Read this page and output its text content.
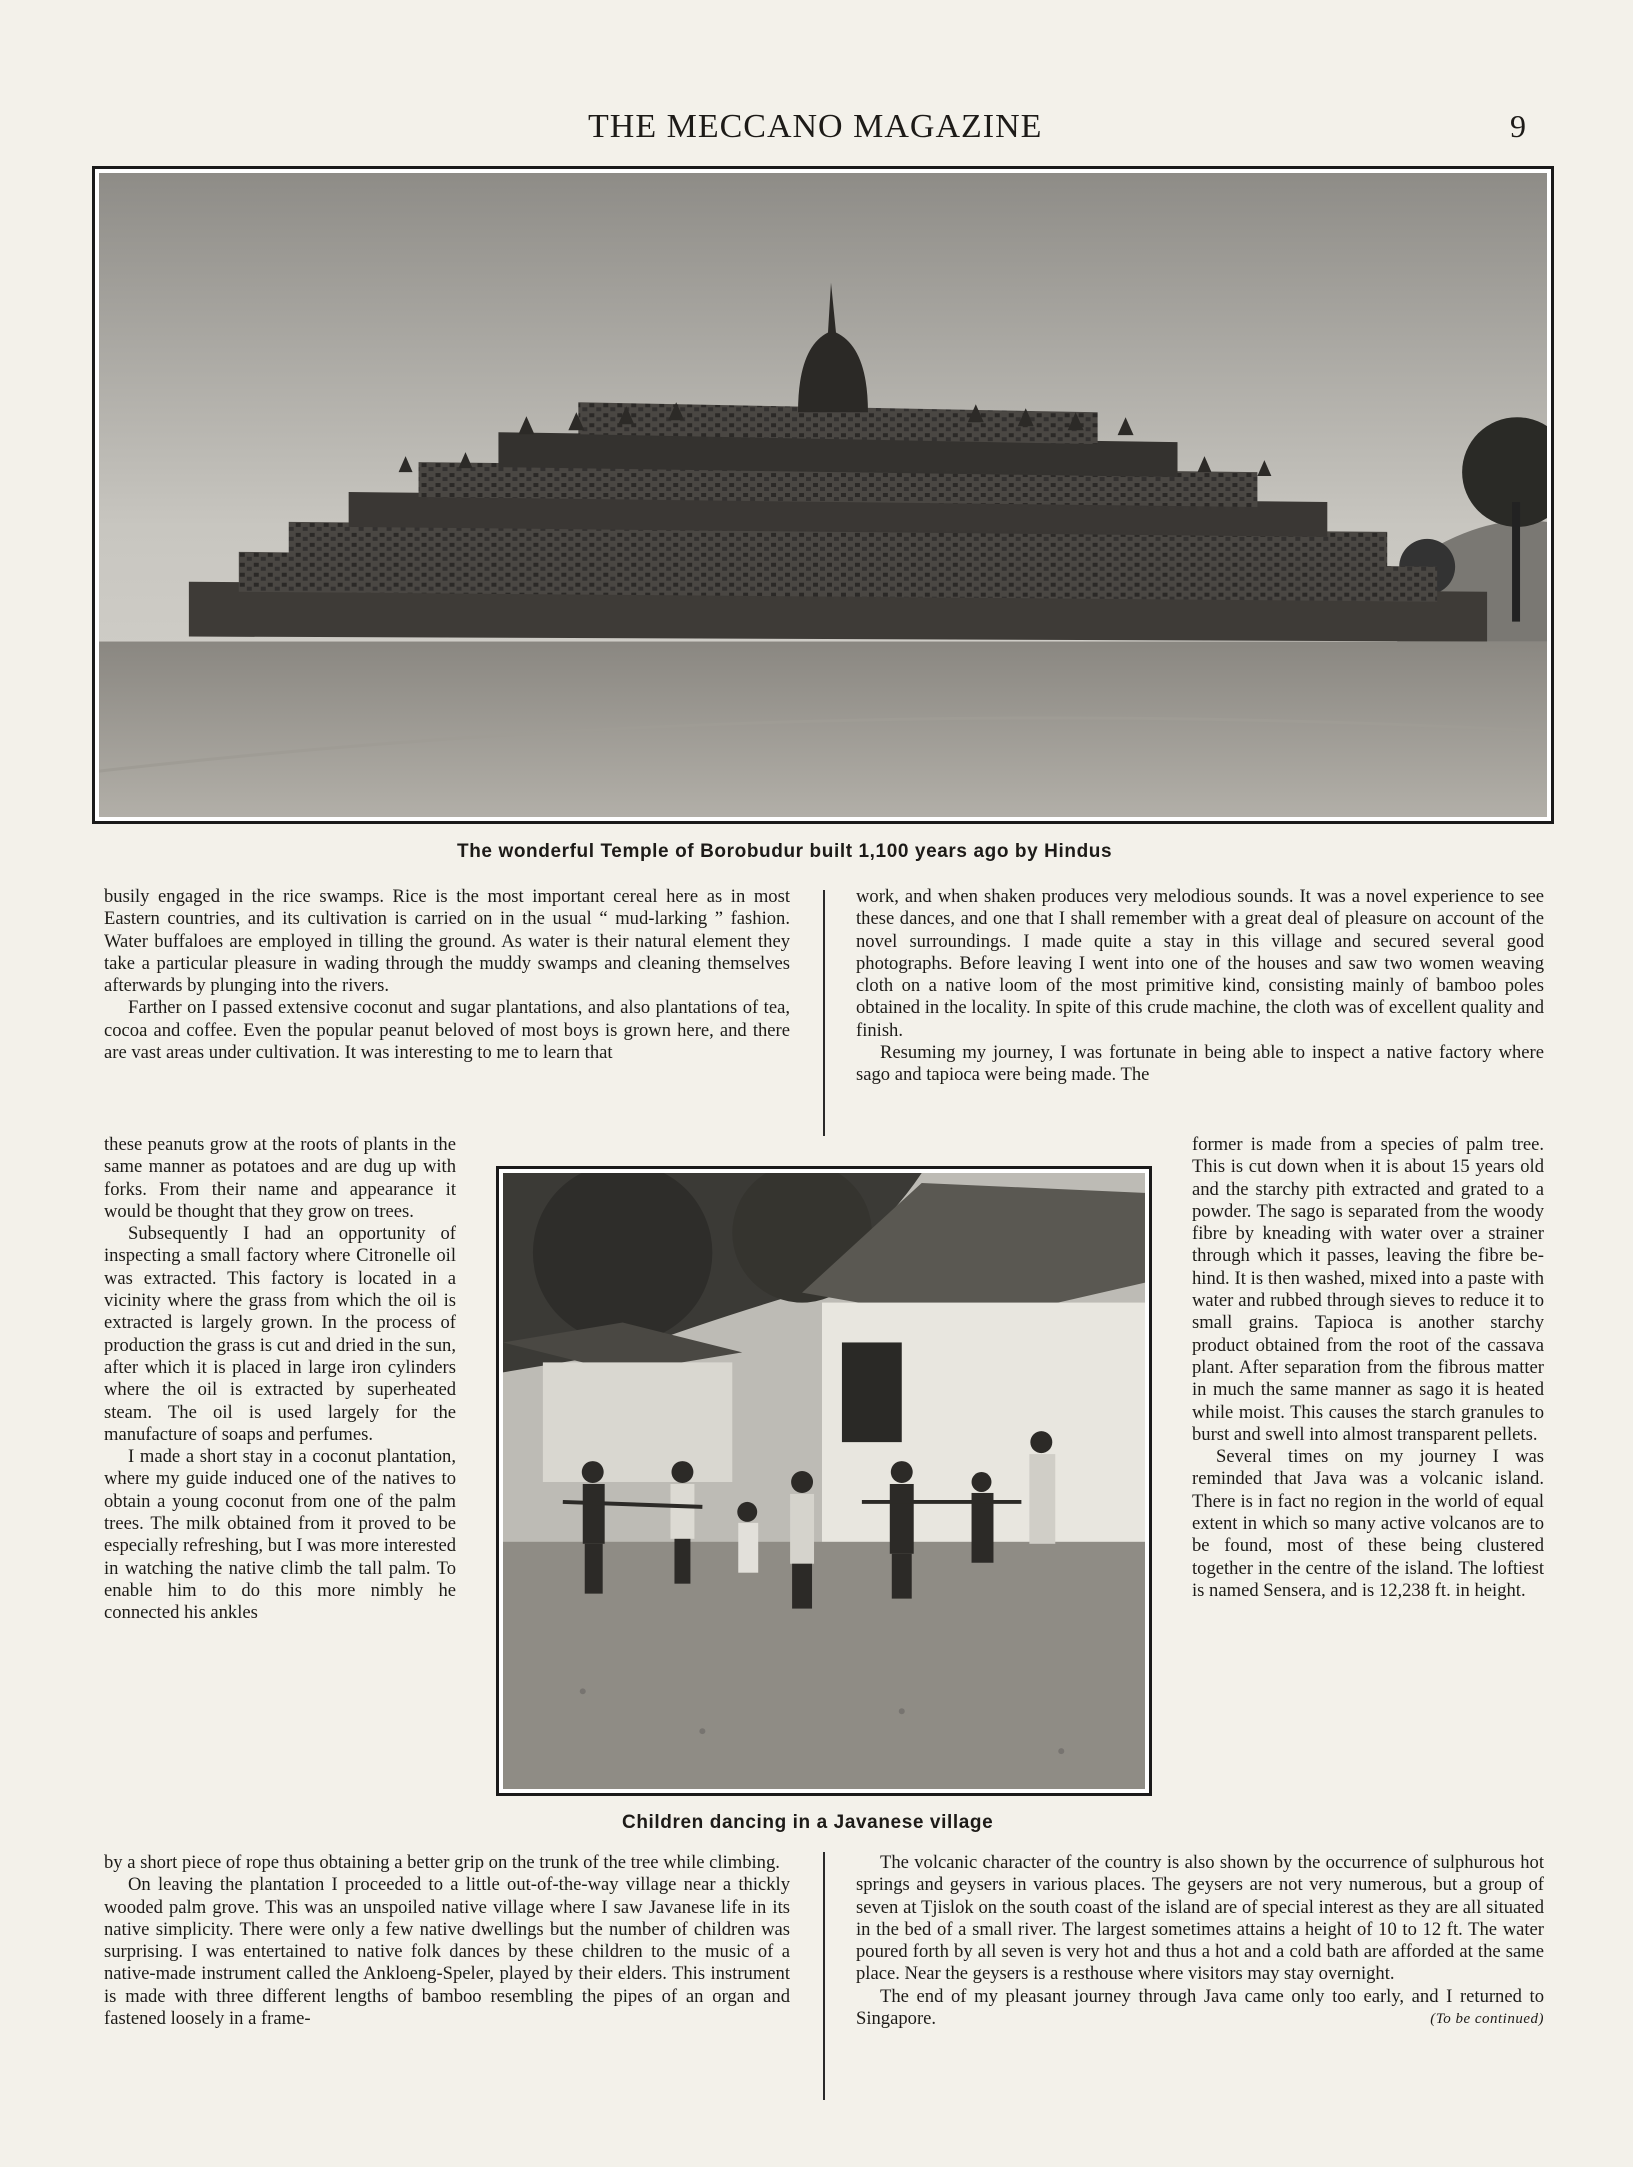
THE MECCANO MAGAZINE	9
The wonderful Temple of Borobudur built 1,100 years ago by Hindus

busily engaged in the rice swamps. Rice is the most important cereal here as in most Eastern countries, and its cultivation is carried on in the usual “ mud-larking ” fashion. Water buffaloes are employed in tilling the ground. As water is their natural element they take a particular pleasure in wading through the muddy swamps and cleaning themselves afterwards by plunging into the rivers.

Farther on I passed extensive coconut and sugar plantations, and also plantations of tea, cocoa and coffee. Even the popular peanut beloved of most boys is grown here, and there are vast areas under cultivation. It was interesting to me to learn that

these peanuts grow at the roots of plants in the same manner as potatoes and are dug up with forks. From their name and appearance it would be thought that they grow on trees.

Subsequently I had an opportunity of inspecting a small factory where Citronelle oil was extracted. This factory is located in a vicinity where the grass from which the oil is extracted is largely grown. In the process of production the grass is cut and dried in the sun, after which it is placed in large iron cylinders where the oil is extracted by superheated steam. The oil is used largely for the manufacture of soaps and perfumes.

I made a short stay in a coconut plantation, where my guide induced one of the natives to obtain a young coconut from one of the palm trees. The milk obtained from it proved to be especially refreshing, but I was more interested in watching the native climb the tall palm. To enable him to do this more nimbly he connected his ankles

Children dancing in a Javanese village

by a short piece of rope thus obtaining a better grip on the trunk of the tree while climbing.

On leaving the plantation I proceeded to a little out-of-the-way village near a thickly wooded palm grove. This was an unspoiled native village where I saw Javanese life in its native simplicity. There were only a few native dwellings but the number of children was surprising. I was entertained to native folk dances by these children to the music of a native-made instrument called the Ankloeng-Speler, played by their elders. This instrument is made with three different lengths of bamboo resembling the pipes of an organ and fastened loosely in a frame-

work, and when shaken produces very melodious sounds. It was a novel experience to see these dances, and one that I shall remember with a great deal of pleasure on account of the novel surroundings. I made quite a stay in this village and secured several good photographs. Before leaving I went into one of the houses and saw two women weaving cloth on a native loom of the most primitive kind, consisting mainly of bamboo poles obtained in the locality. In spite of this crude machine, the cloth was of excellent quality and finish.

Resuming my journey, I was fortunate in being able to inspect a native factory where sago and tapioca were being made. The

former is made from a species of palm tree. This is cut down when it is about 15 years old and the starchy pith extracted and grated to a powder. The sago is separated from the woody fibre by kneading with water over a strainer through which it passes, leaving the fibre behind. It is then washed, mixed into a paste with water and rubbed through sieves to reduce it to small grains. Tapioca is another starchy product obtained from the root of the cassava plant. After separation from the fibrous matter in much the same manner as sago it is heated while moist. This causes the starch granules to burst and swell into almost transparent pellets.

Several times on my journey I was reminded that Java was a volcanic island. There is in fact no region in the world of equal extent in which so many active volcanos are to be found, most of these being clustered together in the centre of the island. The loftiest is named Sensera, and is 12,238 ft. in height.

The volcanic character of the country is also shown by the occurrence of sulphurous hot springs and geysers in various places. The geysers are not very numerous, but a group of seven at Tjislok on the south coast of the island are of special interest as they are all situated in the bed of a small river. The largest sometimes attains a height of 10 to 12 ft. The water poured forth by all seven is very hot and thus a hot and a cold bath are afforded at the same place. Near the geysers is a resthouse where visitors may stay overnight.

The end of my pleasant journey through Java came only too early, and I returned to Singapore.	(To be continued)
